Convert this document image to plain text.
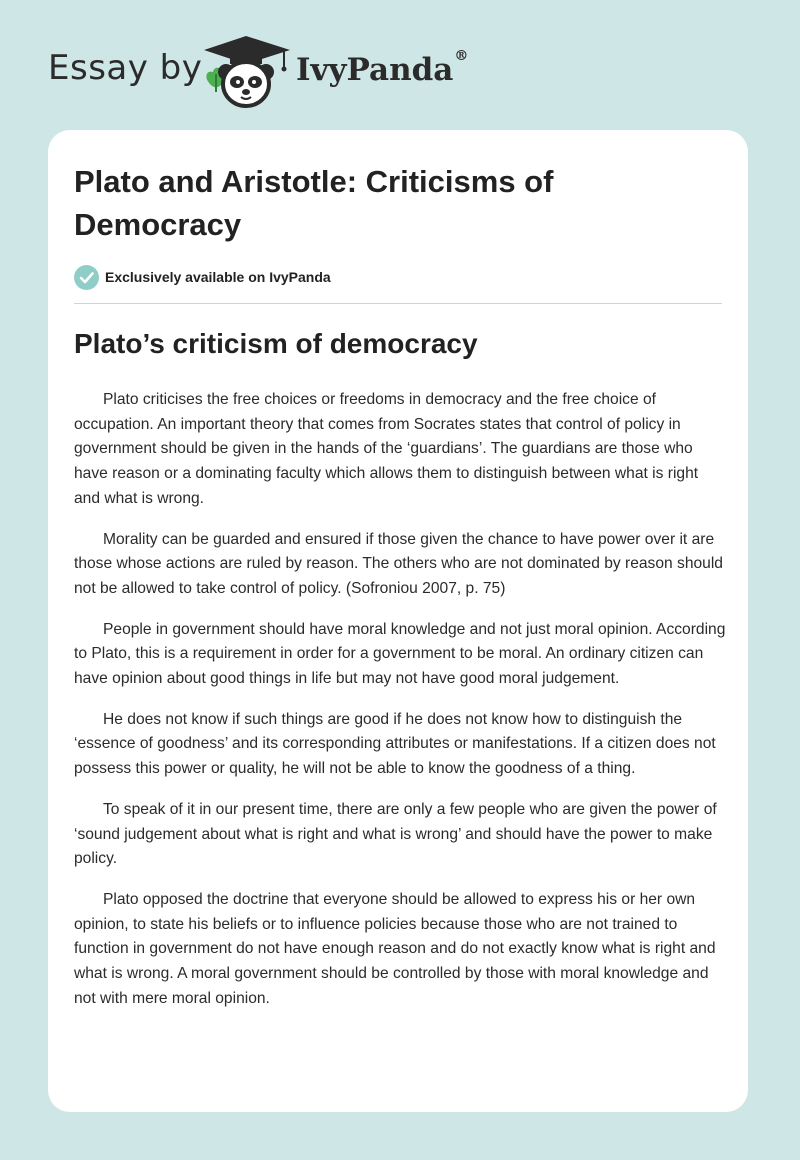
Essay by	IvyPanda®
Plato and Aristotle: Criticisms of Democracy
Exclusively available on IvyPanda
Plato’s criticism of democracy

Plato criticises the free choices or freedoms in democracy and the free choice of occupation. An important theory that comes from Socrates states that control of policy in government should be given in the hands of the ‘guardians’. The guardians are those who have reason or a dominating faculty which allows them to distinguish between what is right and what is wrong.

Morality can be guarded and ensured if those given the chance to have power over it are those whose actions are ruled by reason. The others who are not dominated by reason should not be allowed to take control of policy. (Sofroniou 2007, p. 75)

People in government should have moral knowledge and not just moral opinion. According to Plato, this is a requirement in order for a government to be moral. An ordinary citizen can have opinion about good things in life but may not have good moral judgement.

He does not know if such things are good if he does not know how to distinguish the ‘essence of goodness’ and its corresponding attributes or manifestations. If a citizen does not possess this power or quality, he will not be able to know the goodness of a thing.

To speak of it in our present time, there are only a few people who are given the power of ‘sound judgement about what is right and what is wrong’ and should have the power to make policy.

Plato opposed the doctrine that everyone should be allowed to express his or her own opinion, to state his beliefs or to influence policies because those who are not trained to function in government do not have enough reason and do not exactly know what is right and what is wrong. A moral government should be controlled by those with moral knowledge and not with mere moral opinion.
